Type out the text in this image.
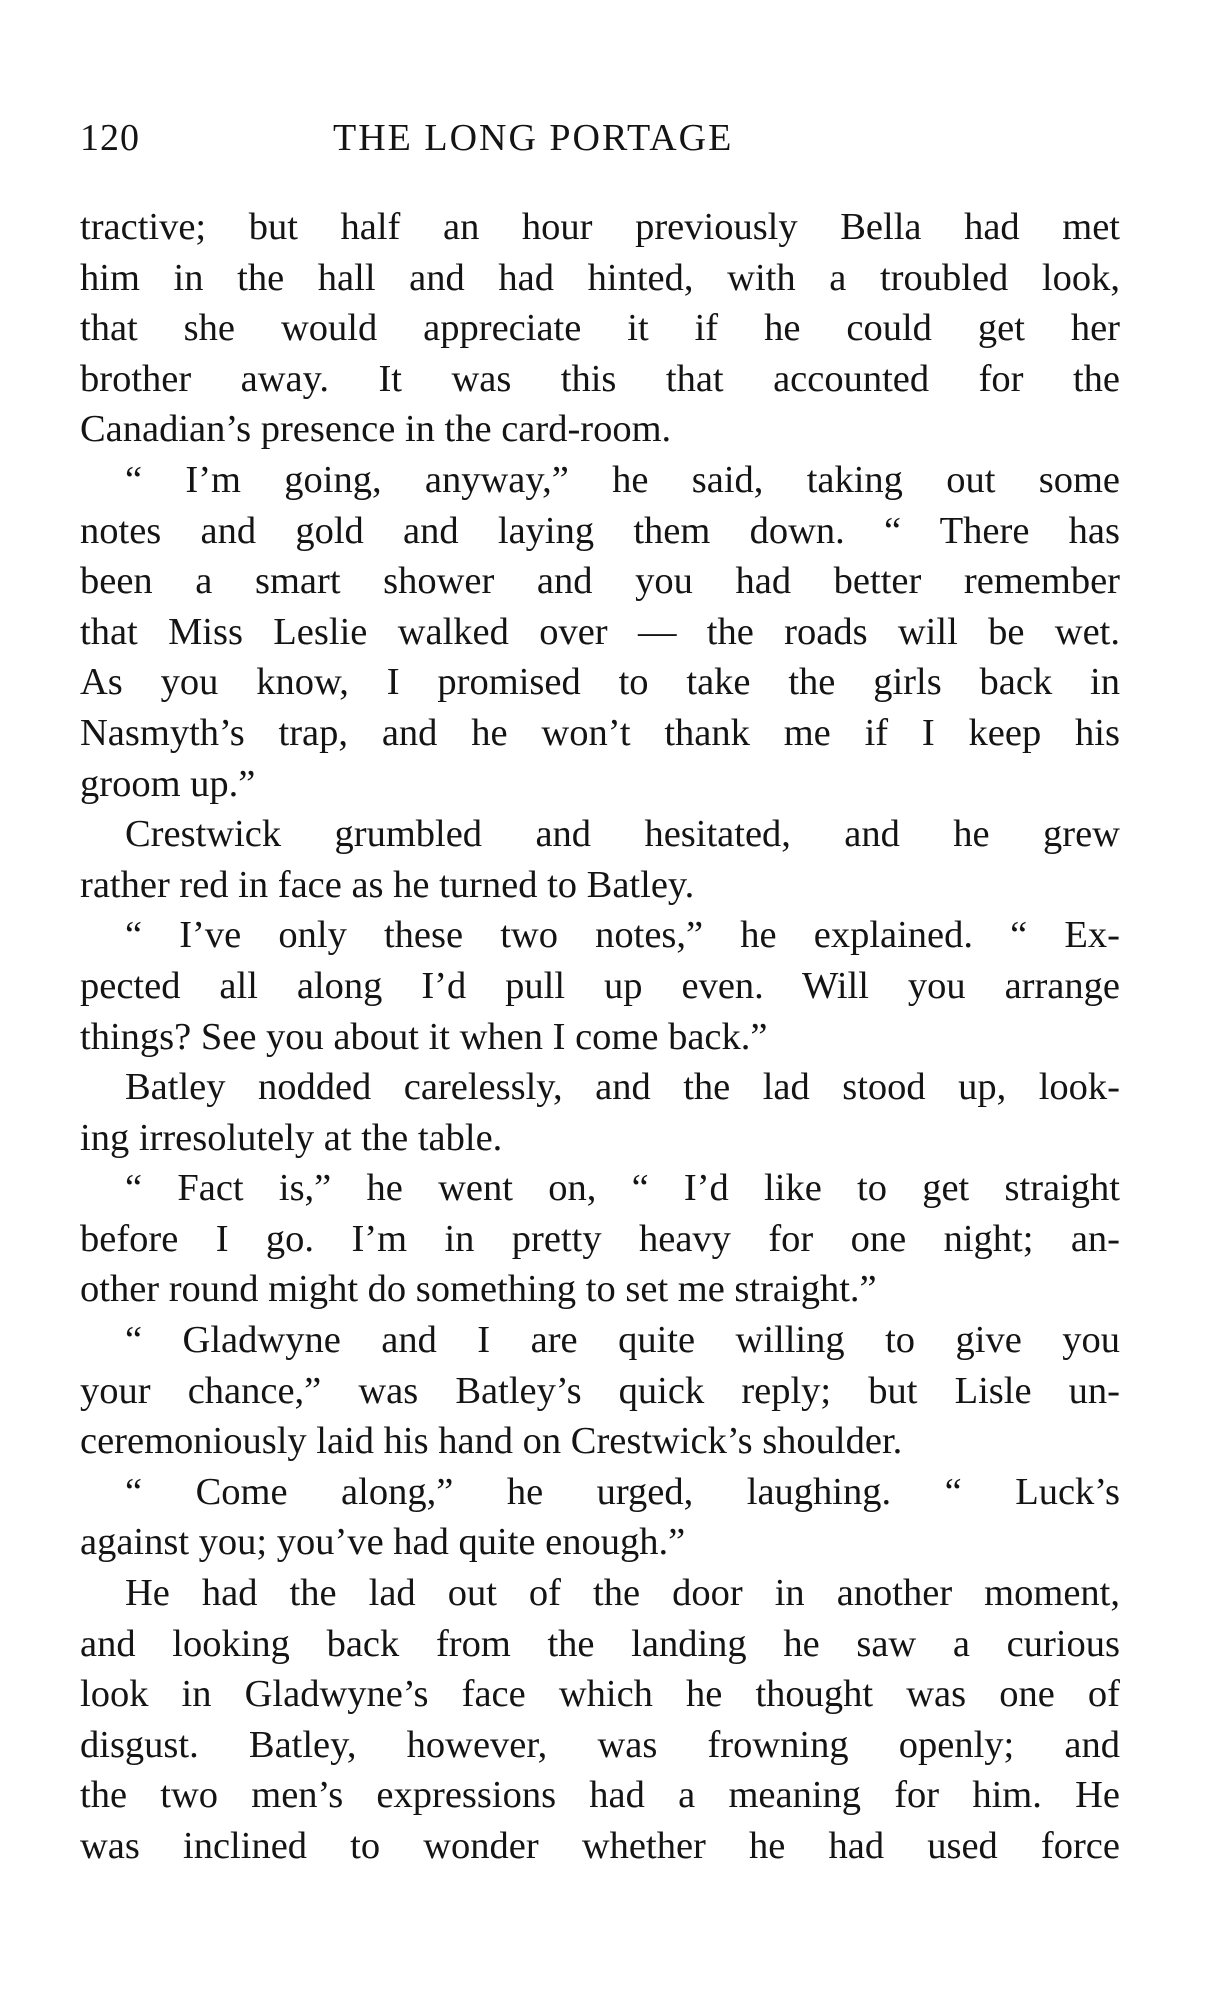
120	THE LONG PORTAGE
tractive; but half an hour previously Bella had met
him in the hall and had hinted, with a troubled look,
that she would appreciate it if he could get her
brother away. It was this that accounted for the
Canadian’s presence in the card-room.
“ I’m going, anyway,” he said, taking out some
notes and gold and laying them down. “ There has
been a smart shower and you had better remember
that Miss Leslie walked over — the roads will be wet.
As you know, I promised to take the girls back in
Nasmyth’s trap, and he won’t thank me if I keep his
groom up.”
Crestwick grumbled and hesitated, and he grew
rather red in face as he turned to Batley.
“ I’ve only these two notes,” he explained. “ Ex-
pected all along I’d pull up even. Will you arrange
things? See you about it when I come back.”
Batley nodded carelessly, and the lad stood up, look-
ing irresolutely at the table.
“ Fact is,” he went on, “ I’d like to get straight
before I go. I’m in pretty heavy for one night; an-
other round might do something to set me straight.”
“ Gladwyne and I are quite willing to give you
your chance,” was Batley’s quick reply; but Lisle un-
ceremoniously laid his hand on Crestwick’s shoulder.
“ Come along,” he urged, laughing. “ Luck’s
against you; you’ve had quite enough.”
He had the lad out of the door in another moment,
and looking back from the landing he saw a curious
look in Gladwyne’s face which he thought was one of
disgust. Batley, however, was frowning openly; and
the two men’s expressions had a meaning for him. He
was inclined to wonder whether he had used force
